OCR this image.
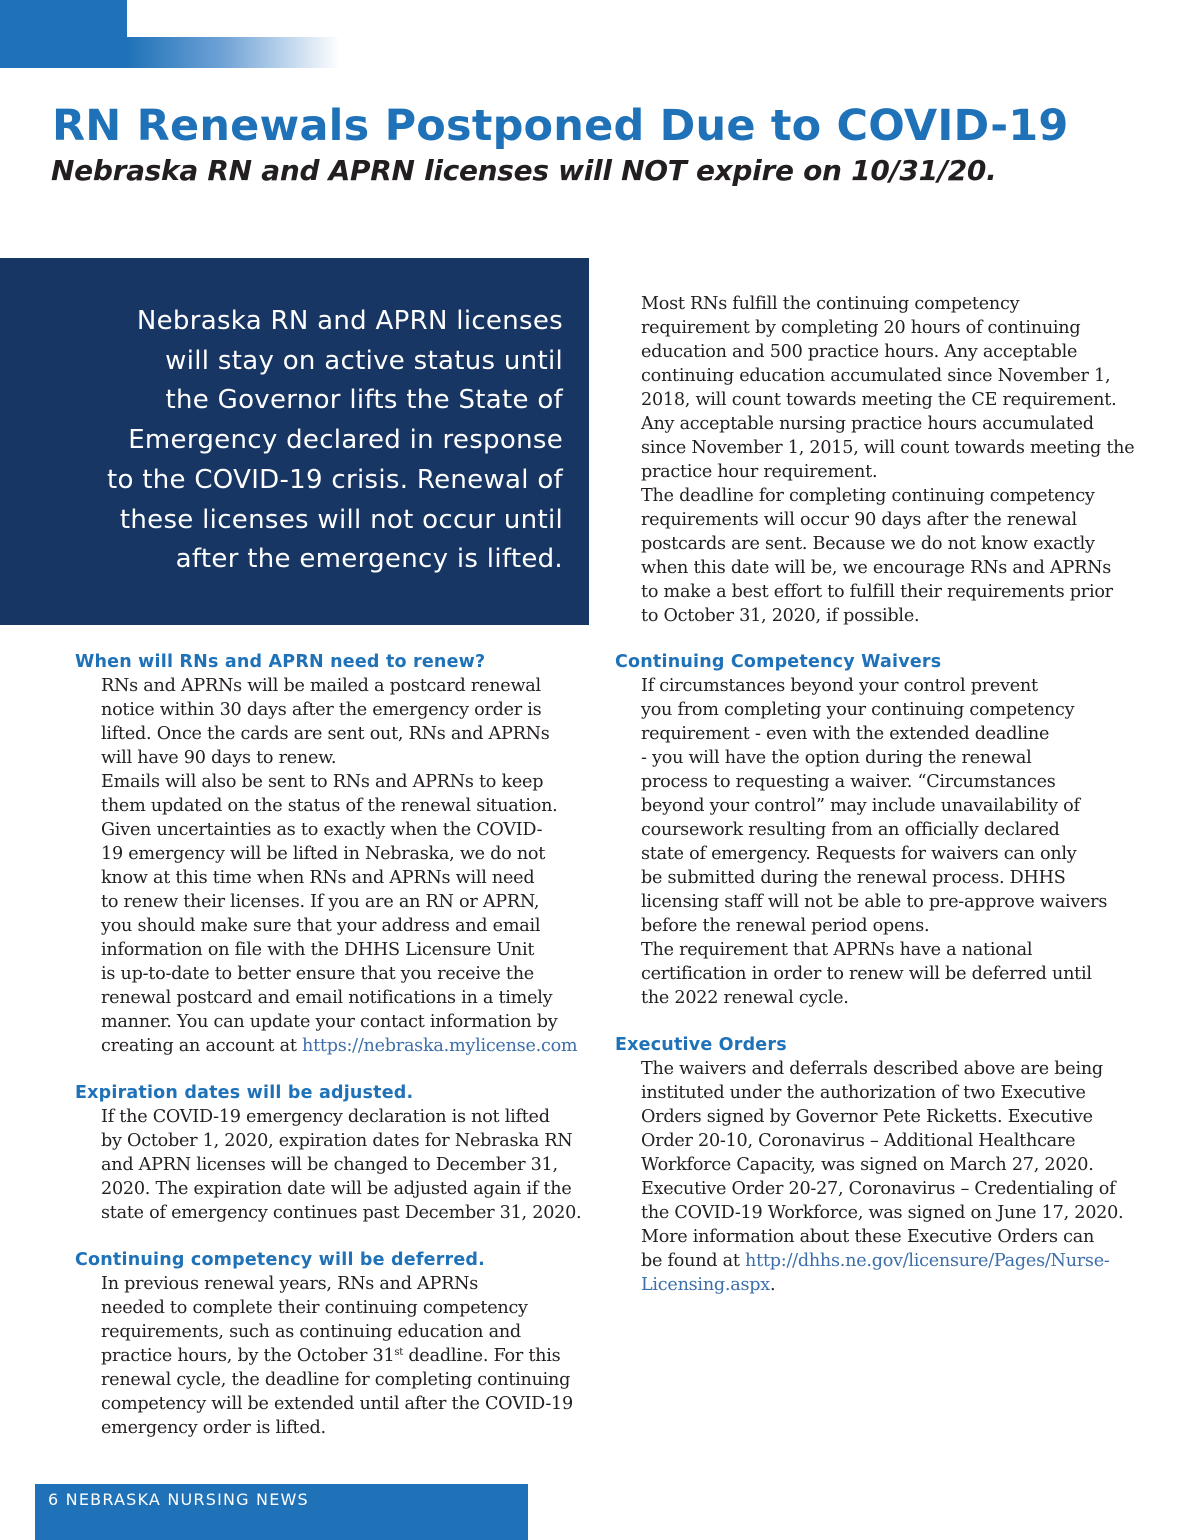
RN Renewals Postponed Due to COVID-19
Nebraska RN and APRN licenses will NOT expire on 10/31/20.

Nebraska RN and APRN licenses
will stay on active status until
the Governor lifts the State of
Emergency declared in response
to the COVID-19 crisis. Renewal of
these licenses will not occur until
after the emergency is lifted.

Most RNs fulfill the continuing competency
requirement by completing 20 hours of continuing
education and 500 practice hours. Any acceptable
continuing education accumulated since November 1,
2018, will count towards meeting the CE requirement.
Any acceptable nursing practice hours accumulated
since November 1, 2015, will count towards meeting the
practice hour requirement.

The deadline for completing continuing competency
requirements will occur 90 days after the renewal
postcards are sent. Because we do not know exactly
when this date will be, we encourage RNs and APRNs
to make a best effort to fulfill their requirements prior
to October 31, 2020, if possible.

When will RNs and APRN need to renew?

RNs and APRNs will be mailed a postcard renewal
notice within 30 days after the emergency order is
lifted. Once the cards are sent out, RNs and APRNs
will have 90 days to renew.

Emails will also be sent to RNs and APRNs to keep
them updated on the status of the renewal situation.

Given uncertainties as to exactly when the COVID-
19 emergency will be lifted in Nebraska, we do not
know at this time when RNs and APRNs will need
to renew their licenses. If you are an RN or APRN,
you should make sure that your address and email
information on file with the DHHS Licensure Unit
is up-to-date to better ensure that you receive the
renewal postcard and email notifications in a timely
manner. You can update your contact information by
creating an account at https://nebraska.mylicense.com

Expiration dates will be adjusted.

If the COVID-19 emergency declaration is not lifted
by October 1, 2020, expiration dates for Nebraska RN
and APRN licenses will be changed to December 31,
2020. The expiration date will be adjusted again if the
state of emergency continues past December 31, 2020.

Continuing competency will be deferred.

In previous renewal years, RNs and APRNs
needed to complete their continuing competency
requirements, such as continuing education and
practice hours, by the October 31st deadline. For this
renewal cycle, the deadline for completing continuing
competency will be extended until after the COVID-19
emergency order is lifted.

Continuing Competency Waivers

If circumstances beyond your control prevent
you from completing your continuing competency
requirement - even with the extended deadline
- you will have the option during the renewal
process to requesting a waiver. “Circumstances
beyond your control” may include unavailability of
coursework resulting from an officially declared
state of emergency. Requests for waivers can only
be submitted during the renewal process. DHHS
licensing staff will not be able to pre-approve waivers
before the renewal period opens.

The requirement that APRNs have a national
certification in order to renew will be deferred until
the 2022 renewal cycle.

Executive Orders

The waivers and deferrals described above are being
instituted under the authorization of two Executive
Orders signed by Governor Pete Ricketts. Executive
Order 20-10, Coronavirus – Additional Healthcare
Workforce Capacity, was signed on March 27, 2020.
Executive Order 20-27, Coronavirus – Credentialing of
the COVID-19 Workforce, was signed on June 17, 2020.
More information about these Executive Orders can
be found at http://dhhs.ne.gov/licensure/Pages/Nurse-
Licensing.aspx.

6 NEBRASKA NURSING NEWS
